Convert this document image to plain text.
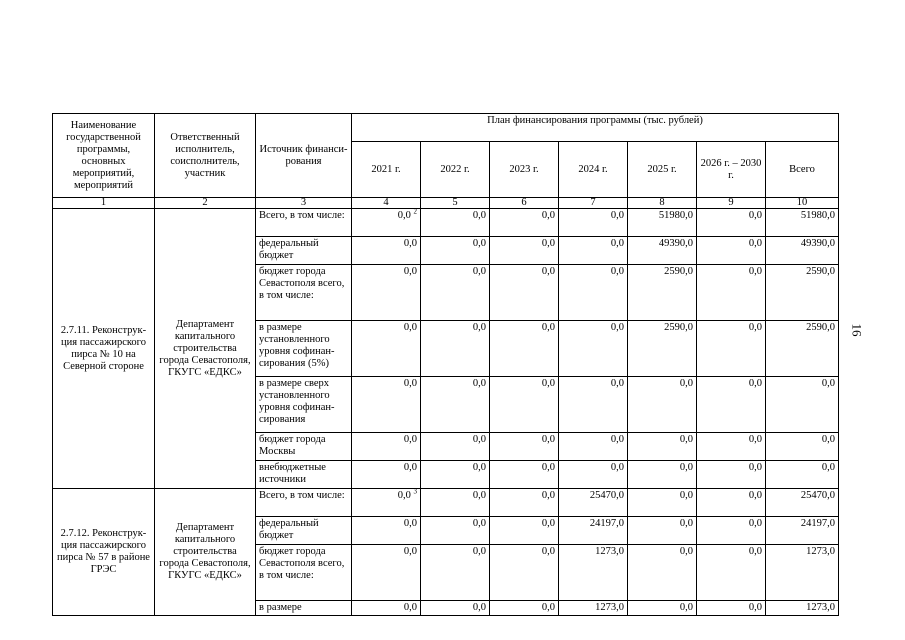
16
Наименование государственной программы, основных мероприятий, мероприятий	Ответственный исполнитель, соисполнитель, участник	Источник финанси- рования	План финансирования программы (тыс. рублей)						
			2021 г.	2022 г.	2023 г.	2024 г.	2025 г.	2026 г. – 2030 г.	Всего
1	2	3	4	5	6	7	8	9	10
2.7.11. Реконструк- ция пассажирского пирса № 10 на Северной стороне	Департамент капитального строительства города Севастополя, ГКУГС «ЕДКС»	Всего, в том числе:	0,0 $^2$	0,0	0,0	0,0	51980,0	0,0	51980,0
		федеральный бюджет	0,0	0,0	0,0	0,0	49390,0	0,0	49390,0
		бюджет города Севастополя всего, в том числе:	0,0	0,0	0,0	0,0	2590,0	0,0	2590,0
		в размере установленного уровня софинан- сирования (5%)	0,0	0,0	0,0	0,0	2590,0	0,0	2590,0
		в размере сверх установленного уровня софинан- сирования	0,0	0,0	0,0	0,0	0,0	0,0	0,0
		бюджет города Москвы	0,0	0,0	0,0	0,0	0,0	0,0	0,0
		внебюджетные источники	0,0	0,0	0,0	0,0	0,0	0,0	0,0
2.7.12. Реконструк- ция пассажирского пирса № 57 в районе ГРЭС	Департамент капитального строительства города Севастополя, ГКУГС «ЕДКС»	Всего, в том числе:	0,0 $^3$	0,0	0,0	25470,0	0,0	0,0	25470,0
		федеральный бюджет	0,0	0,0	0,0	24197,0	0,0	0,0	24197,0
		бюджет города Севастополя всего, в том числе:	0,0	0,0	0,0	1273,0	0,0	0,0	1273,0
		в размере	0,0	0,0	0,0	1273,0	0,0	0,0	1273,0
